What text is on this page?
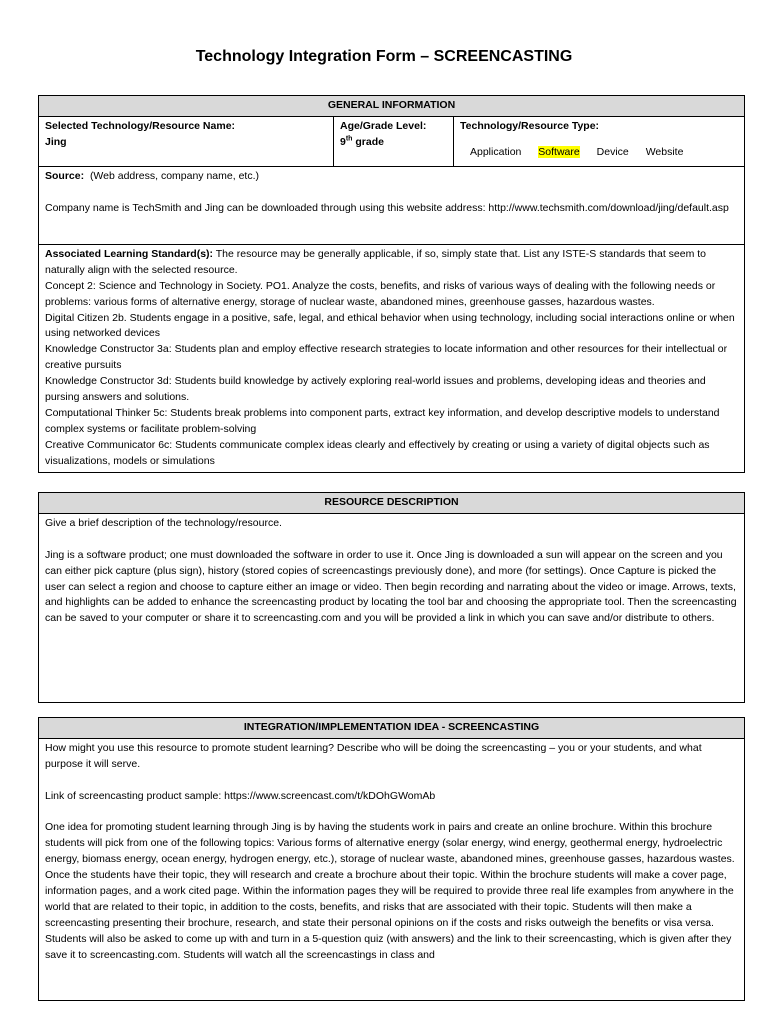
Technology Integration Form – SCREENCASTING
GENERAL INFORMATION

Selected Technology/Resource Name:
Jing

Age/Grade Level:
9th grade

Technology/Resource Type:
Application Software Device Website

Source: (Web address, company name, etc.)
Company name is TechSmith and Jing can be downloaded through using this website address: http://www.techsmith.com/download/jing/default.asp

Associated Learning Standard(s): The resource may be generally applicable, if so, simply state that. List any ISTE-S standards that seem to naturally align with the selected resource.

Concept 2: Science and Technology in Society. PO1. Analyze the costs, benefits, and risks of various ways of dealing with the following needs or problems: various forms of alternative energy, storage of nuclear waste, abandoned mines, greenhouse gasses, hazardous wastes.

Digital Citizen 2b. Students engage in a positive, safe, legal, and ethical behavior when using technology, including social interactions online or when using networked devices

Knowledge Constructor 3a: Students plan and employ effective research strategies to locate information and other resources for their intellectual or creative pursuits

Knowledge Constructor 3d: Students build knowledge by actively exploring real-world issues and problems, developing ideas and theories and pursing answers and solutions.

Computational Thinker 5c: Students break problems into component parts, extract key information, and develop descriptive models to understand complex systems or facilitate problem-solving

Creative Communicator 6c: Students communicate complex ideas clearly and effectively by creating or using a variety of digital objects such as visualizations, models or simulations

RESOURCE DESCRIPTION

Give a brief description of the technology/resource.

Jing is a software product; one must downloaded the software in order to use it. Once Jing is downloaded a sun will appear on the screen and you can either pick capture (plus sign), history (stored copies of screencastings previously done), and more (for settings). Once Capture is picked the user can select a region and choose to capture either an image or video. Then begin recording and narrating about the video or image. Arrows, texts, and highlights can be added to enhance the screencasting product by locating the tool bar and choosing the appropriate tool. Then the screencasting can be saved to your computer or share it to screencasting.com and you will be provided a link in which you can save and/or distribute to others.

INTEGRATION/IMPLEMENTATION IDEA - SCREENCASTING

How might you use this resource to promote student learning? Describe who will be doing the screencasting – you or your students, and what purpose it will serve.

Link of screencasting product sample: https://www.screencast.com/t/kDOhGWomAb

One idea for promoting student learning through Jing is by having the students work in pairs and create an online brochure. Within this brochure students will pick from one of the following topics: Various forms of alternative energy (solar energy, wind energy, geothermal energy, hydroelectric energy, biomass energy, ocean energy, hydrogen energy, etc.), storage of nuclear waste, abandoned mines, greenhouse gasses, hazardous wastes. Once the students have their topic, they will research and create a brochure about their topic. Within the brochure students will make a cover page, information pages, and a work cited page. Within the information pages they will be required to provide three real life examples from anywhere in the world that are related to their topic, in addition to the costs, benefits, and risks that are associated with their topic. Students will then make a screencasting presenting their brochure, research, and state their personal opinions on if the costs and risks outweigh the benefits or visa versa. Students will also be asked to come up with and turn in a 5-question quiz (with answers) and the link to their screencasting, which is given after they save it to screencasting.com. Students will watch all the screencastings in class and
